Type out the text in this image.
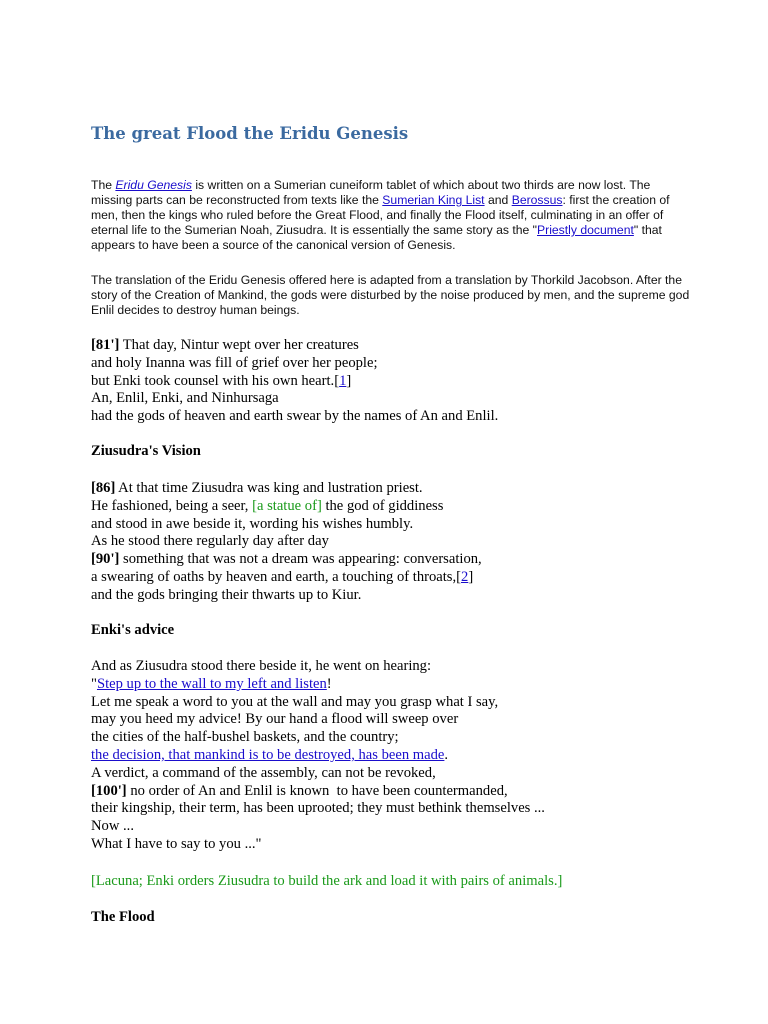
The great Flood the Eridu Genesis

The Eridu Genesis is written on a Sumerian cuneiform tablet of which about two thirds are now lost. The missing parts can be reconstructed from texts like the Sumerian King List and Berossus: first the creation of men, then the kings who ruled before the Great Flood, and finally the Flood itself, culminating in an offer of eternal life to the Sumerian Noah, Ziusudra. It is essentially the same story as the "Priestly document" that appears to have been a source of the canonical version of Genesis.

The translation of the Eridu Genesis offered here is adapted from a translation by Thorkild Jacobson. After the story of the Creation of Mankind, the gods were disturbed by the noise produced by men, and the supreme god Enlil decides to destroy human beings.

[81'] That day, Nintur wept over her creatures

and holy Inanna was fill of grief over her people;

but Enki took counsel with his own heart.[1]

An, Enlil, Enki, and Ninhursaga

had the gods of heaven and earth swear by the names of An and Enlil.

Ziusudra's Vision

[86] At that time Ziusudra was king and lustration priest.

He fashioned, being a seer, [a statue of] the god of giddiness

and stood in awe beside it, wording his wishes humbly.

As he stood there regularly day after day

[90'] something that was not a dream was appearing: conversation,

a swearing of oaths by heaven and earth, a touching of throats,[2]

and the gods bringing their thwarts up to Kiur.

Enki's advice

And as Ziusudra stood there beside it, he went on hearing:

"Step up to the wall to my left and listen!

Let me speak a word to you at the wall and may you grasp what I say,

may you heed my advice! By our hand a flood will sweep over

the cities of the half-bushel baskets, and the country;

the decision, that mankind is to be destroyed, has been made.

A verdict, a command of the assembly, can not be revoked,

[100'] no order of An and Enlil is known  to have been countermanded,

their kingship, their term, has been uprooted; they must bethink themselves ...

Now ...

What I have to say to you ..."

[Lacuna; Enki orders Ziusudra to build the ark and load it with pairs of animals.]

The Flood
